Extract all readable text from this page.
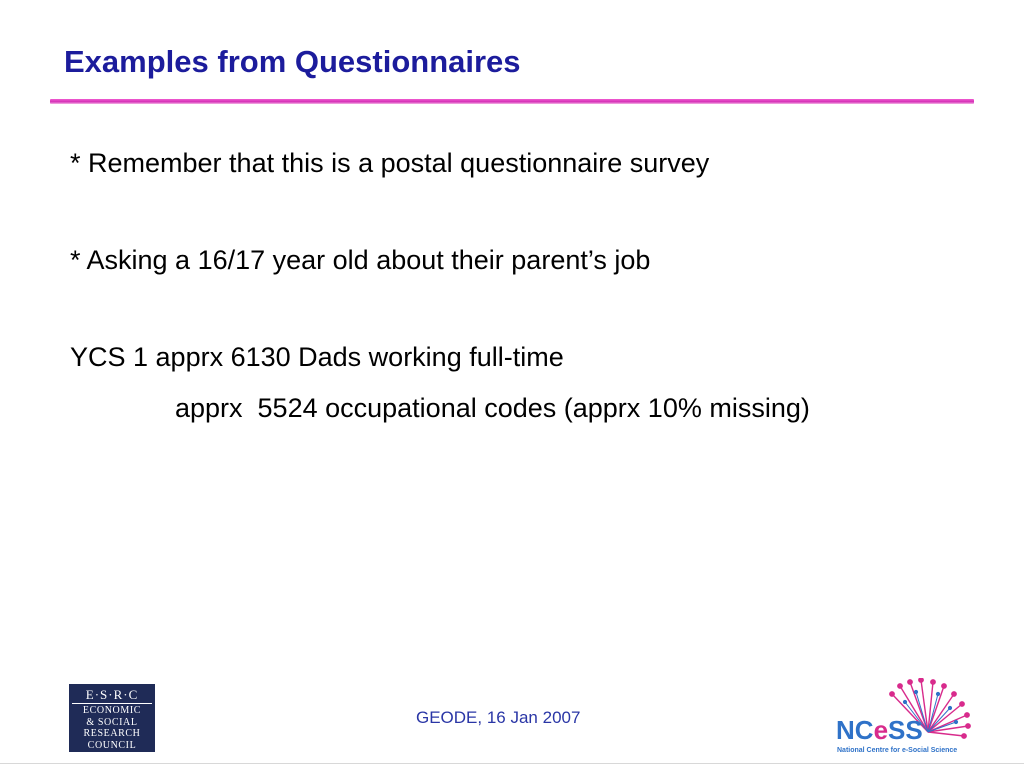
Examples from Questionnaires
* Remember that this is a postal questionnaire survey
* Asking a 16/17 year old about their parent’s job
YCS 1 apprx 6130 Dads working full-time
apprx  5524 occupational codes (apprx 10% missing)
E·S·R·C
ECONOMIC
& SOCIAL
RESEARCH
COUNCIL
GEODE, 16 Jan 2007	NCeSS
National Centre for e-Social Science
